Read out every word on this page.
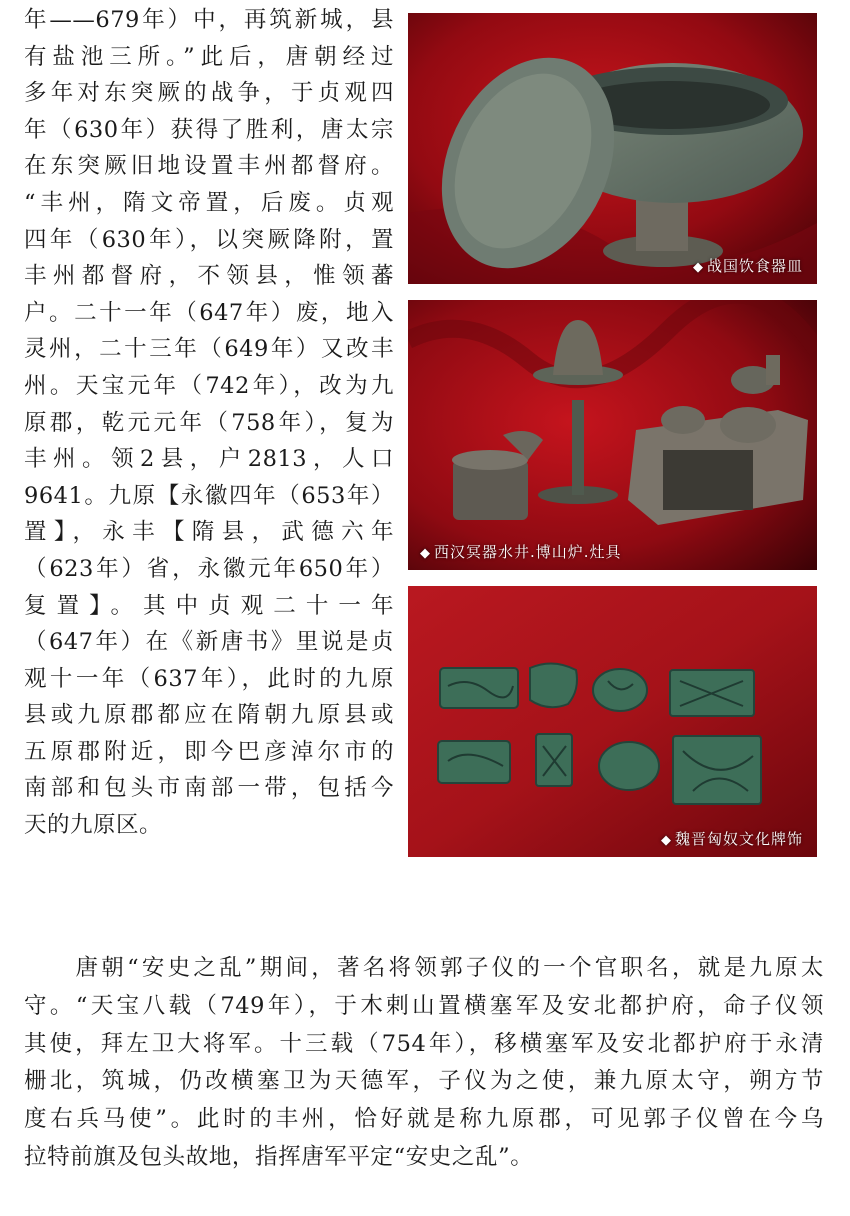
年——679年）中，再筑新城，县
有盐池三所。”此后，唐朝经过
多年对东突厥的战争，于贞观四
年（630年）获得了胜利，唐太宗
在东突厥旧地设置丰州都督府。
“丰州，隋文帝置，后废。贞观
四年（630年），以突厥降附，置
丰州都督府，不领县，惟领蕃
户。二十一年（647年）废，地入
灵州，二十三年（649年）又改丰
州。天宝元年（742年），改为九
原郡，乾元元年（758年），复为
丰州。领2县，户2813，人口
9641。九原【永徽四年（653年）
置】，永丰【隋县，武德六年
（623年）省，永徽元年650年）
复置】。其中贞观二十一年
（647年）在《新唐书》里说是贞
观十一年（637年），此时的九原
县或九原郡都应在隋朝九原县或
五原郡附近，即今巴彦淖尔市的
南部和包头市南部一带，包括今
天的九原区。

◆ 战国饮食器皿
◆ 西汉冥器水井.博山炉.灶具
◆ 魏晋匈奴文化牌饰

　　唐朝“安史之乱”期间，著名将领郭子仪的一个官职名，就是九原太
守。“天宝八载（749年），于木剌山置横塞军及安北都护府，命子仪领
其使，拜左卫大将军。十三载（754年），移横塞军及安北都护府于永清
栅北，筑城，仍改横塞卫为天德军，子仪为之使，兼九原太守，朔方节
度右兵马使”。此时的丰州，恰好就是称九原郡，可见郭子仪曾在今乌
拉特前旗及包头故地，指挥唐军平定“安史之乱”。
